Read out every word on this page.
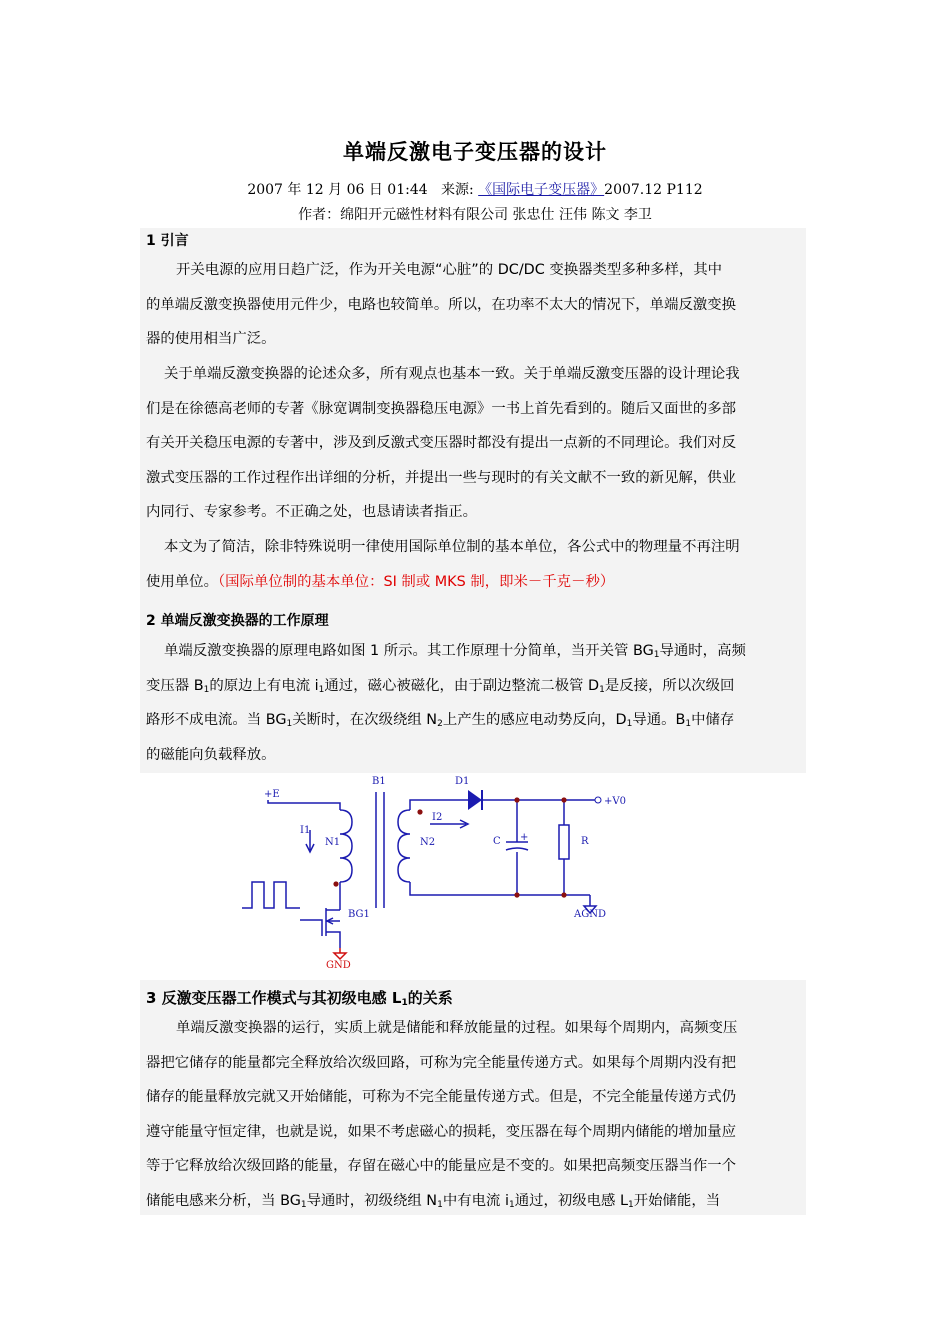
单端反激电子变压器的设计
2007 年 12 月 06 日 01:44 来源: 《国际电子变压器》2007.12 P112
作者：绵阳开元磁性材料有限公司 张忠仕 汪伟 陈文 李卫
1 引言
开关电源的应用日趋广泛，作为开关电源“心脏”的 DC/DC 变换器类型多种多样，其中
的单端反激变换器使用元件少，电路也较简单。所以，在功率不太大的情况下，单端反激变换
器的使用相当广泛。
关于单端反激变换器的论述众多，所有观点也基本一致。关于单端反激变压器的设计理论我
们是在徐德高老师的专著《脉宽调制变换器稳压电源》一书上首先看到的。随后又面世的多部
有关开关稳压电源的专著中，涉及到反激式变压器时都没有提出一点新的不同理论。我们对反
激式变压器的工作过程作出详细的分析，并提出一些与现时的有关文献不一致的新见解，供业
内同行、专家参考。不正确之处，也恳请读者指正。
本文为了简洁，除非特殊说明一律使用国际单位制的基本单位，各公式中的物理量不再注明
使用单位。（国际单位制的基本单位：SI 制或 MKS 制，即米－千克－秒）
2 单端反激变换器的工作原理
单端反激变换器的原理电路如图 1 所示。其工作原理十分简单，当开关管 $BG_1$导通时，高频
变压器 $B_1$的原边上有电流 $i_1$通过，磁心被磁化，由于副边整流二极管 $D_1$是反接，所以次级回
路形不成电流。当 $BG_1$关断时，在次级绕组 $N_2$上产生的感应电动势反向，$D_1$导通。$B_1$中储存
的磁能向负载释放。
+E
B1	D1
I1
I2
N1	N2	C +	R
+V0
BG1	AGND
GND
3 反激变压器工作模式与其初级电感 $L_1$的关系
单端反激变换器的运行，实质上就是储能和释放能量的过程。如果每个周期内，高频变压
器把它储存的能量都完全释放给次级回路，可称为完全能量传递方式。如果每个周期内没有把
储存的能量释放完就又开始储能，可称为不完全能量传递方式。但是，不完全能量传递方式仍
遵守能量守恒定律，也就是说，如果不考虑磁心的损耗，变压器在每个周期内储能的增加量应
等于它释放给次级回路的能量，存留在磁心中的能量应是不变的。如果把高频变压器当作一个
储能电感来分析，当 $BG_1$导通时，初级绕组 $N_1$中有电流 $i_1$通过，初级电感 $L_1$开始储能，当
